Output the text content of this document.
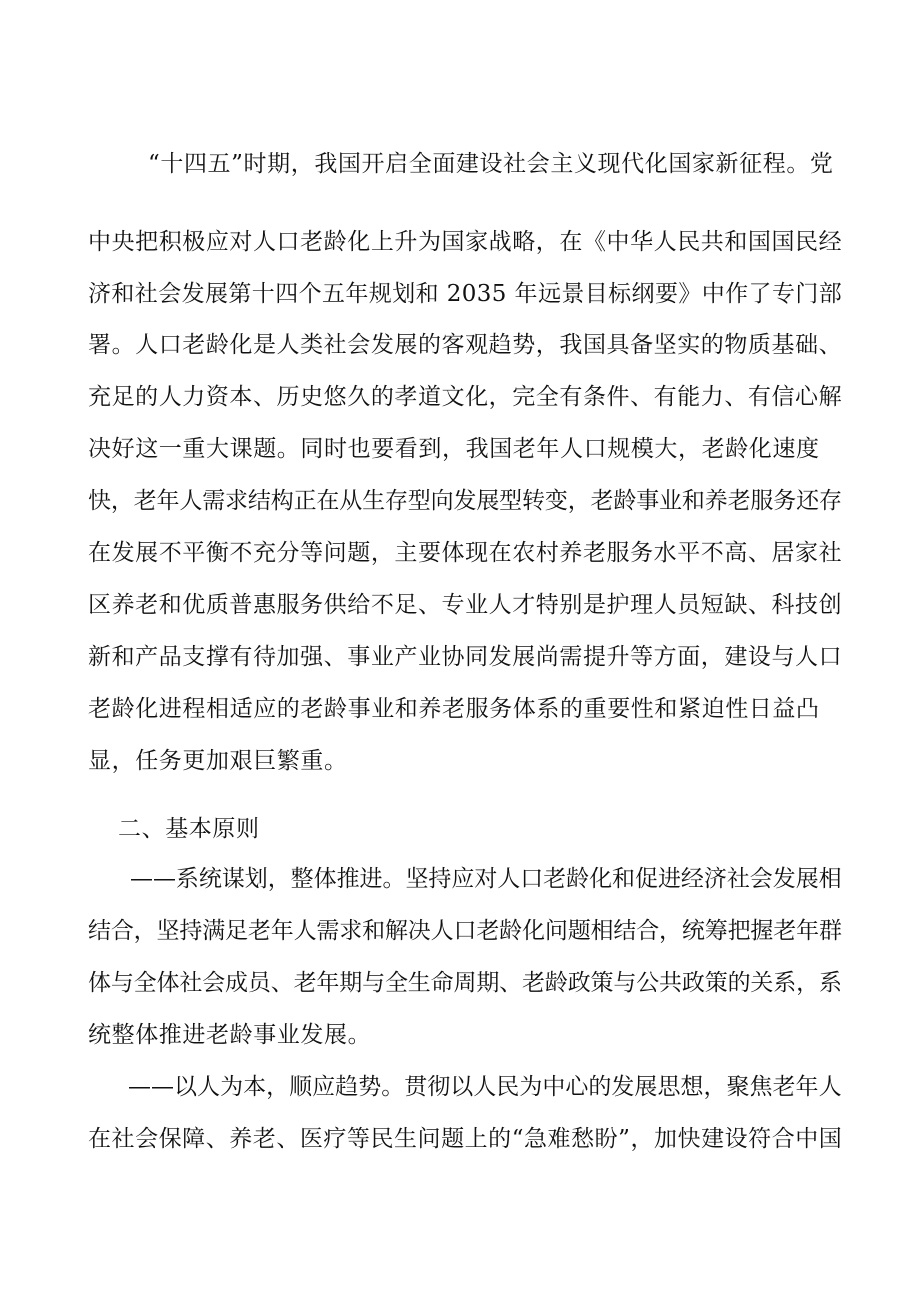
“十四五”时期，我国开启全面建设社会主义现代化国家新征程。党
中央把积极应对人口老龄化上升为国家战略，在《中华人民共和国国民经
济和社会发展第十四个五年规划和 2035 年远景目标纲要》中作了专门部
署。人口老龄化是人类社会发展的客观趋势，我国具备坚实的物质基础、
充足的人力资本、历史悠久的孝道文化，完全有条件、有能力、有信心解
决好这一重大课题。同时也要看到，我国老年人口规模大，老龄化速度
快，老年人需求结构正在从生存型向发展型转变，老龄事业和养老服务还存
在发展不平衡不充分等问题，主要体现在农村养老服务水平不高、居家社
区养老和优质普惠服务供给不足、专业人才特别是护理人员短缺、科技创
新和产品支撑有待加强、事业产业协同发展尚需提升等方面，建设与人口
老龄化进程相适应的老龄事业和养老服务体系的重要性和紧迫性日益凸
显，任务更加艰巨繁重。
二、基本原则
——系统谋划，整体推进。坚持应对人口老龄化和促进经济社会发展相
结合，坚持满足老年人需求和解决人口老龄化问题相结合，统筹把握老年群
体与全体社会成员、老年期与全生命周期、老龄政策与公共政策的关系，系
统整体推进老龄事业发展。
——以人为本，顺应趋势。贯彻以人民为中心的发展思想，聚焦老年人
在社会保障、养老、医疗等民生问题上的“急难愁盼”，加快建设符合中国
